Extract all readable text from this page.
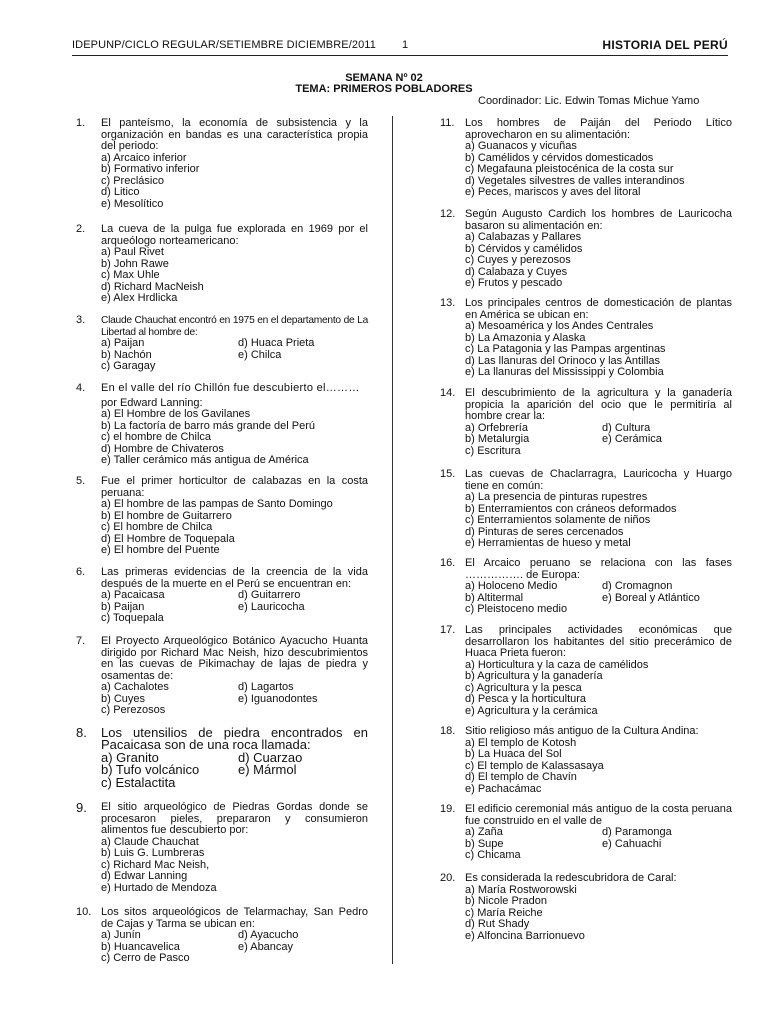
IDEPUNP/CICLO REGULAR/SETIEMBRE DICIEMBRE/2011 1	HISTORIA DEL PERÚ
SEMANA Nº 02
TEMA: PRIMEROS POBLADORES
Coordinador: Lic. Edwin Tomas Michue Yamo
1. El panteísmo, la economía de subsistencia y la organización en bandas es una característica propia del periodo:
a) Arcaico inferior
b) Formativo inferior
c) Preclásico
d) Litico
e) Mesolítico
2. La cueva de la pulga fue explorada en 1969 por el arqueólogo norteamericano:
a) Paul Rivet
b) John Rawe
c) Max Uhle
d) Richard MacNeish
e) Alex Hrdlicka
3. Claude Chauchat encontró en 1975 en el departamento de La Libertad al hombre de:
a) Paijan	d) Huaca Prieta
b) Nachón	e) Chilca
c) Garagay
4. En el valle del río Chillón fue descubierto el………
por Edward Lanning:
a) El Hombre de los Gavilanes
b) La factoría de barro más grande del Perú
c) el hombre de Chilca
d) Hombre de Chivateros
e) Taller cerámico más antigua de América
5. Fue el primer horticultor de calabazas en la costa peruana:
a) El hombre de las pampas de Santo Domingo
b) El hombre de Guitarrero
c) El hombre de Chilca
d) El Hombre de Toquepala
e) El hombre del Puente
6. Las primeras evidencias de la creencia de la vida después de la muerte en el Perú se encuentran en:
a) Pacaicasa	d) Guitarrero
b) Paijan	e) Lauricocha
c) Toquepala
7. El Proyecto Arqueológico Botánico Ayacucho Huanta dirigido por Richard Mac Neish, hizo descubrimientos en las cuevas de Pikimachay de lajas de piedra y osamentas de:
a) Cachalotes	d) Lagartos
b) Cuyes	e) Iguanodontes
c) Perezosos
8. Los utensilios de piedra encontrados en Pacaicasa son de una roca llamada:
a) Granito	d) Cuarzao
b) Tufo volcánico	e) Mármol
c) Estalactita
9. El sitio arqueológico de Piedras Gordas donde se procesaron pieles, prepararon y consumieron alimentos fue descubierto por:
a) Claude Chauchat
b) Luis G. Lumbreras
c) Richard Mac Neish,
d) Edwar Lanning
e) Hurtado de Mendoza
10. Los sitos arqueológicos de Telarmachay, San Pedro de Cajas y Tarma se ubican en:
a) Junín	d) Ayacucho
b) Huancavelica	e) Abancay
c) Cerro de Pasco
11. Los hombres de Paiján del Periodo Lítico aprovecharon en su alimentación:
a) Guanacos y vicuñas
b) Camélidos y cérvidos domesticados
c) Megafauna pleistocénica de la costa sur
d) Vegetales silvestres de valles interandinos
e) Peces, mariscos y aves del litoral
12. Según Augusto Cardich los hombres de Lauricocha basaron su alimentación en:
a) Calabazas y Pallares
b) Cérvidos y camélidos
c) Cuyes y perezosos
d) Calabaza y Cuyes
e) Frutos y pescado
13. Los principales centros de domesticación de plantas en América se ubican en:
a) Mesoamérica y los Andes Centrales
b) La Amazonia y Alaska
c) La Patagonia y las Pampas argentinas
d) Las llanuras del Orinoco y las Antillas
e) La llanuras del Mississippi y Colombia
14. El descubrimiento de la agricultura y la ganadería propicia la aparición del ocio que le permitiría al hombre crear la:
a) Orfebrería	d) Cultura
b) Metalurgia	e) Cerámica
c) Escritura
15. Las cuevas de Chaclarragra, Lauricocha y Huargo tiene en común:
a) La presencia de pinturas rupestres
b) Enterramientos con cráneos deformados
c) Enterramientos solamente de niños
d) Pinturas de seres cercenados
e) Herramientas de hueso y metal
16. El Arcaico peruano se relaciona con las fases ……………. de Europa:
a) Holoceno Medio	d) Cromagnon
b) Altitermal	e) Boreal y Atlántico
c) Pleistoceno medio
17. Las principales actividades económicas que desarrollaron los habitantes del sitio precerámico de Huaca Prieta fueron:
a) Horticultura y la caza de camélidos
b) Agricultura y la ganadería
c) Agricultura y la pesca
d) Pesca y la horticultura
e) Agricultura y la cerámica
18. Sitio religioso más antiguo de la Cultura Andina:
a) El templo de Kotosh
b) La Huaca del Sol
c) El templo de Kalassasaya
d) El templo de Chavín
e) Pachacámac
19. El edificio ceremonial más antiguo de la costa peruana fue construido en el valle de
a) Zaña	d) Paramonga
b) Supe	e) Cahuachi
c) Chicama
20. Es considerada la redescubridora de Caral:
a) María Rostworowski
b) Nicole Pradon
c) María Reiche
d) Rut Shady
e) Alfoncina Barrionuevo
